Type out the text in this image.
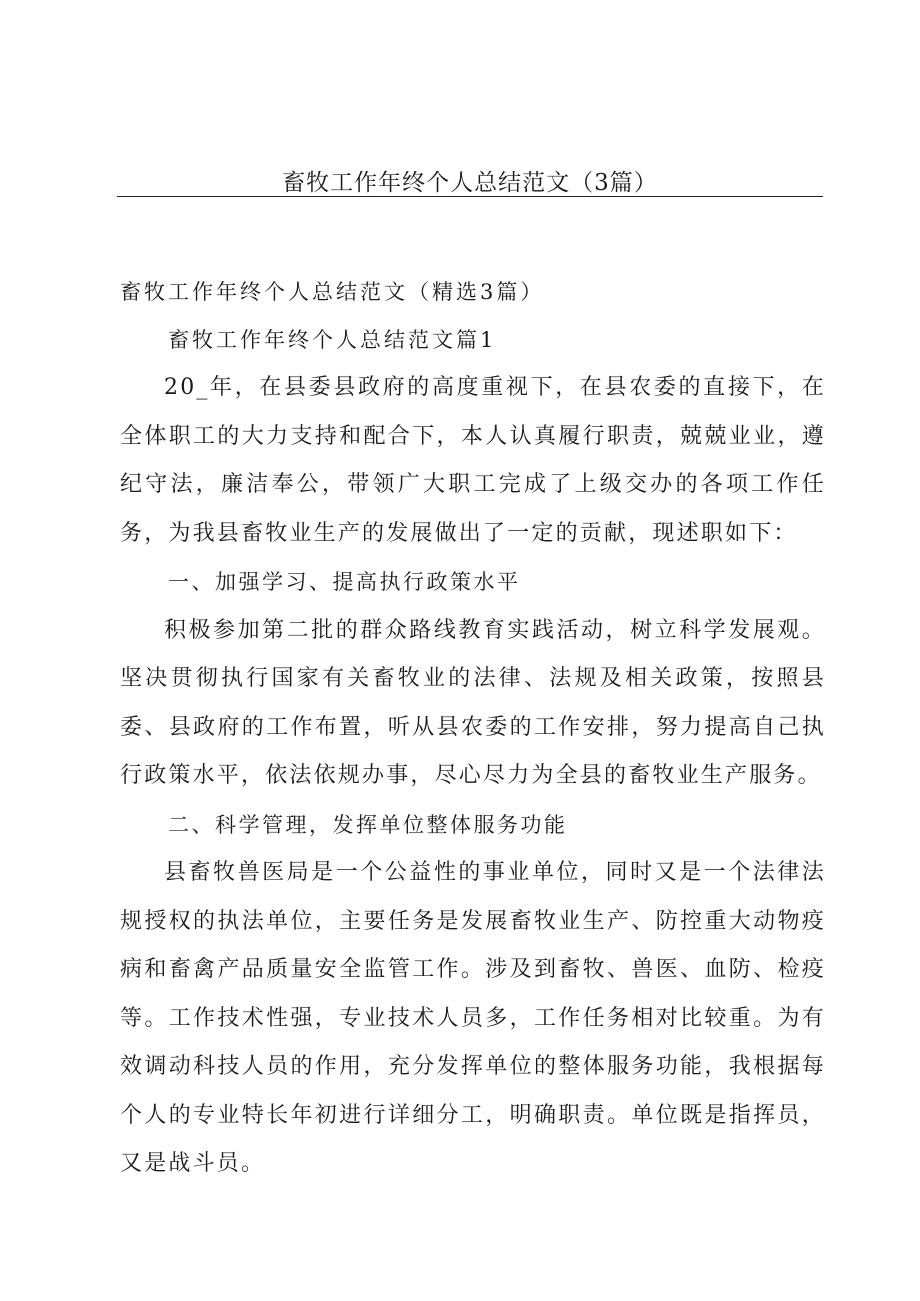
畜牧工作年终个人总结范文（3篇）
畜牧工作年终个人总结范文（精选3篇）
畜牧工作年终个人总结范文篇1

20_年，在县委县政府的高度重视下，在县农委的直接下，在全体职工的大力支持和配合下，本人认真履行职责，兢兢业业，遵纪守法，廉洁奉公，带领广大职工完成了上级交办的各项工作任务，为我县畜牧业生产的发展做出了一定的贡献，现述职如下：

一、加强学习、提高执行政策水平

积极参加第二批的群众路线教育实践活动，树立科学发展观。坚决贯彻执行国家有关畜牧业的法律、法规及相关政策，按照县委、县政府的工作布置，听从县农委的工作安排，努力提高自己执行政策水平，依法依规办事，尽心尽力为全县的畜牧业生产服务。

二、科学管理，发挥单位整体服务功能

县畜牧兽医局是一个公益性的事业单位，同时又是一个法律法规授权的执法单位，主要任务是发展畜牧业生产、防控重大动物疫病和畜禽产品质量安全监管工作。涉及到畜牧、兽医、血防、检疫等。工作技术性强，专业技术人员多，工作任务相对比较重。为有效调动科技人员的作用，充分发挥单位的整体服务功能，我根据每个人的专业特长年初进行详细分工，明确职责。单位既是指挥员，又是战斗员。
